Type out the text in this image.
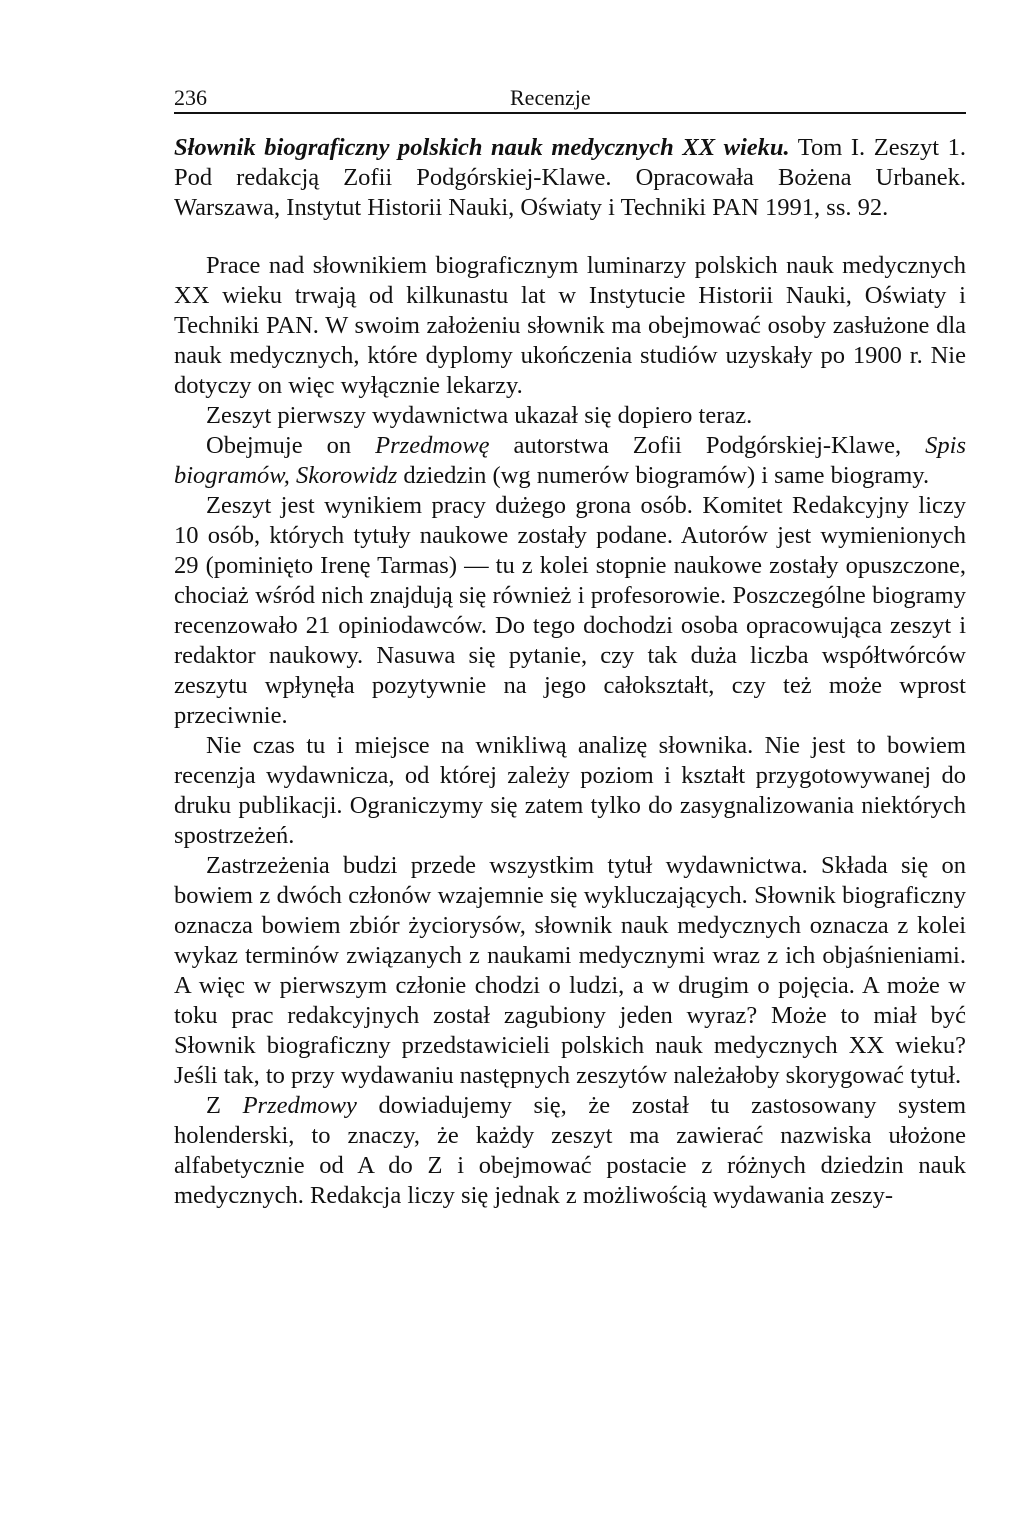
236	Recenzje

Słownik biograficzny polskich nauk medycznych XX wieku. Tom I. Zeszyt 1. Pod redakcją Zofii Podgórskiej-Klawe. Opracowała Bożena Urbanek. Warszawa, Instytut Historii Nauki, Oświaty i Techniki PAN 1991, ss. 92.

Prace nad słownikiem biograficznym luminarzy polskich nauk medycznych XX wieku trwają od kilkunastu lat w Instytucie Historii Nauki, Oświaty i Techniki PAN. W swoim założeniu słownik ma obejmować osoby zasłużone dla nauk medycznych, które dyplomy ukończenia studiów uzyskały po 1900 r. Nie dotyczy on więc wyłącznie lekarzy.

Zeszyt pierwszy wydawnictwa ukazał się dopiero teraz.

Obejmuje on Przedmowę autorstwa Zofii Podgórskiej-Klawe, Spis biogramów, Skorowidz dziedzin (wg numerów biogramów) i same biogramy.

Zeszyt jest wynikiem pracy dużego grona osób. Komitet Redakcyjny liczy 10 osób, których tytuły naukowe zostały podane. Autorów jest wymienionych 29 (pominięto Irenę Tarmas) — tu z kolei stopnie naukowe zostały opuszczone, chociaż wśród nich znajdują się również i profesorowie. Poszczególne biogramy recenzowało 21 opiniodawców. Do tego dochodzi osoba opracowująca zeszyt i redaktor naukowy. Nasuwa się pytanie, czy tak duża liczba współtwórców zeszytu wpłynęła pozytywnie na jego całokształt, czy też może wprost przeciwnie.

Nie czas tu i miejsce na wnikliwą analizę słownika. Nie jest to bowiem recenzja wydawnicza, od której zależy poziom i kształt przygotowywanej do druku publikacji. Ograniczymy się zatem tylko do zasygnalizowania niektórych spostrzeżeń.

Zastrzeżenia budzi przede wszystkim tytuł wydawnictwa. Składa się on bowiem z dwóch członów wzajemnie się wykluczających. Słownik biograficzny oznacza bowiem zbiór życiorysów, słownik nauk medycznych oznacza z kolei wykaz terminów związanych z naukami medycznymi wraz z ich objaśnieniami. A więc w pierwszym członie chodzi o ludzi, a w drugim o pojęcia. A może w toku prac redakcyjnych został zagubiony jeden wyraz? Może to miał być Słownik biograficzny przedstawicieli polskich nauk medycznych XX wieku? Jeśli tak, to przy wydawaniu następnych zeszytów należałoby skorygować tytuł.

Z Przedmowy dowiadujemy się, że został tu zastosowany system holenderski, to znaczy, że każdy zeszyt ma zawierać nazwiska ułożone alfabetycznie od A do Z i obejmować postacie z różnych dziedzin nauk medycznych. Redakcja liczy się jednak z możliwością wydawania zeszy-
